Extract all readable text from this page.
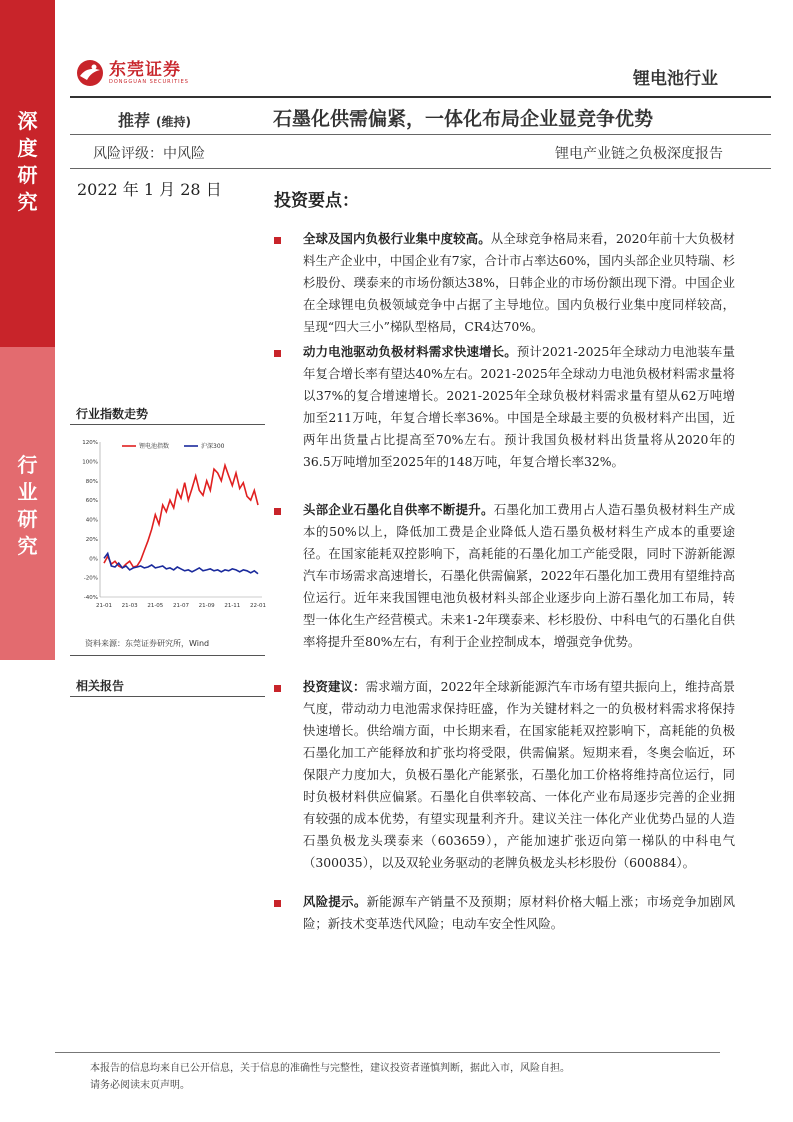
深
度
研
究
行
业
研
究
东莞证券
DONGGUAN SECURITIES	锂电池行业
推荐 (维持)	石墨化供需偏紧，一体化布局企业显竞争优势
风险评级：中风险	锂电产业链之负极深度报告
2022 年 1 月 28 日
行业指数走势
120%
100%
80%
60%
40%
20%
0%
-20%
-40%
21-01 21-03 21-05 21-07 21-09 21-11 22-01
锂电池指数	沪深300
资料来源：东莞证券研究所，Wind
相关报告
投资要点：
全球及国内负极行业集中度较高。从全球竞争格局来看，2020年前十大负极材料生产企业中，中国企业有7家，合计市占率达60%，国内头部企业贝特瑞、杉杉股份、璞泰来的市场份额达38%，日韩企业的市场份额出现下滑。中国企业在全球锂电负极领域竞争中占据了主导地位。国内负极行业集中度同样较高，呈现“四大三小”梯队型格局，CR4达70%。
动力电池驱动负极材料需求快速增长。预计2021-2025年全球动力电池装车量年复合增长率有望达40%左右。2021-2025年全球动力电池负极材料需求量将以37%的复合增速增长。2021-2025年全球负极材料需求量有望从62万吨增加至211万吨，年复合增长率36%。中国是全球最主要的负极材料产出国，近两年出货量占比提高至70%左右。预计我国负极材料出货量将从2020年的36.5万吨增加至2025年的148万吨，年复合增长率32%。
头部企业石墨化自供率不断提升。石墨化加工费用占人造石墨负极材料生产成本的50%以上，降低加工费是企业降低人造石墨负极材料生产成本的重要途径。在国家能耗双控影响下，高耗能的石墨化加工产能受限，同时下游新能源汽车市场需求高速增长，石墨化供需偏紧，2022年石墨化加工费用有望维持高位运行。近年来我国锂电池负极材料头部企业逐步向上游石墨化加工布局，转型一体化生产经营模式。未来1-2年璞泰来、杉杉股份、中科电气的石墨化自供率将提升至80%左右，有利于企业控制成本，增强竞争优势。
投资建议：需求端方面，2022年全球新能源汽车市场有望共振向上，维持高景气度，带动动力电池需求保持旺盛，作为关键材料之一的负极材料需求将保持快速增长。供给端方面，中长期来看，在国家能耗双控影响下，高耗能的负极石墨化加工产能释放和扩张均将受限，供需偏紧。短期来看，冬奥会临近，环保限产力度加大，负极石墨化产能紧张，石墨化加工价格将维持高位运行，同时负极材料供应偏紧。石墨化自供率较高、一体化产业布局逐步完善的企业拥有较强的成本优势，有望实现量利齐升。建议关注一体化产业优势凸显的人造石墨负极龙头璞泰来（603659），产能加速扩张迈向第一梯队的中科电气（300035），以及双轮业务驱动的老牌负极龙头杉杉股份（600884）。
风险提示。新能源车产销量不及预期；原材料价格大幅上涨；市场竞争加剧风险；新技术变革迭代风险；电动车安全性风险。
本报告的信息均来自已公开信息，关于信息的准确性与完整性，建议投资者谨慎判断，据此入市，风险自担。
请务必阅读末页声明。
